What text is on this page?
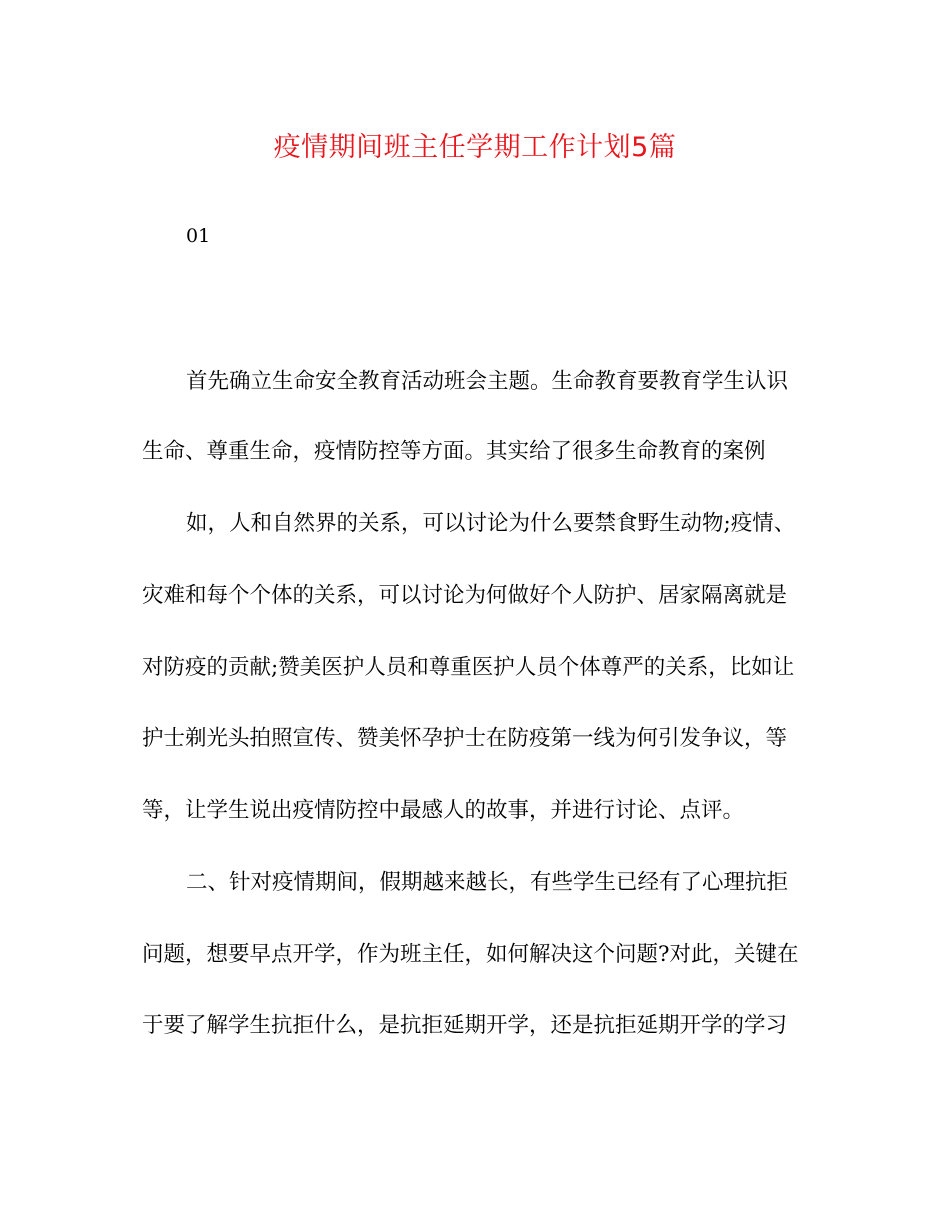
疫情期间班主任学期工作计划5篇
01
首先确立生命安全教育活动班会主题。生命教育要教育学生认识
生命、尊重生命，疫情防控等方面。其实给了很多生命教育的案例
如，人和自然界的关系，可以讨论为什么要禁食野生动物;疫情、
灾难和每个个体的关系，可以讨论为何做好个人防护、居家隔离就是
对防疫的贡献;赞美医护人员和尊重医护人员个体尊严的关系，比如让
护士剃光头拍照宣传、赞美怀孕护士在防疫第一线为何引发争议，等
等，让学生说出疫情防控中最感人的故事，并进行讨论、点评。
二、针对疫情期间，假期越来越长，有些学生已经有了心理抗拒
问题，想要早点开学，作为班主任，如何解决这个问题?对此，关键在
于要了解学生抗拒什么，是抗拒延期开学，还是抗拒延期开学的学习
